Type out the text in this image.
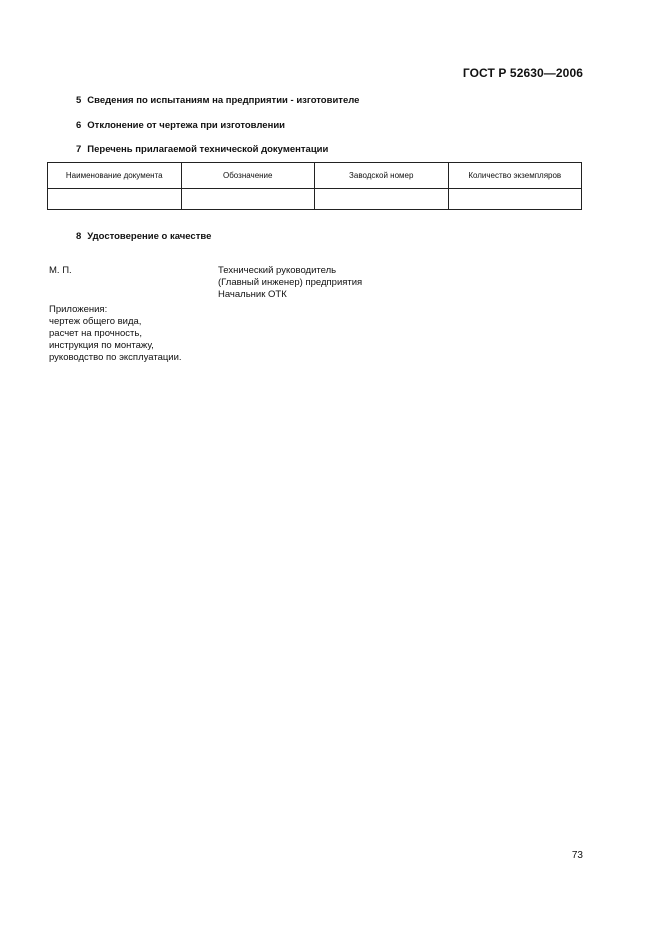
ГОСТ Р 52630—2006
5 Сведения по испытаниям на предприятии - изготовителе
6 Отклонение от чертежа при изготовлении
7 Перечень прилагаемой технической документации
Наименование документа	Обозначение	Заводской номер	Количество экземпляров

8 Удостоверение о качестве
М. П.	Технический руководитель
(Главный инженер) предприятия
Начальник ОТК
Приложения:
чертеж общего вида,
расчет на прочность,
инструкция по монтажу,
руководство по эксплуатации.
73
